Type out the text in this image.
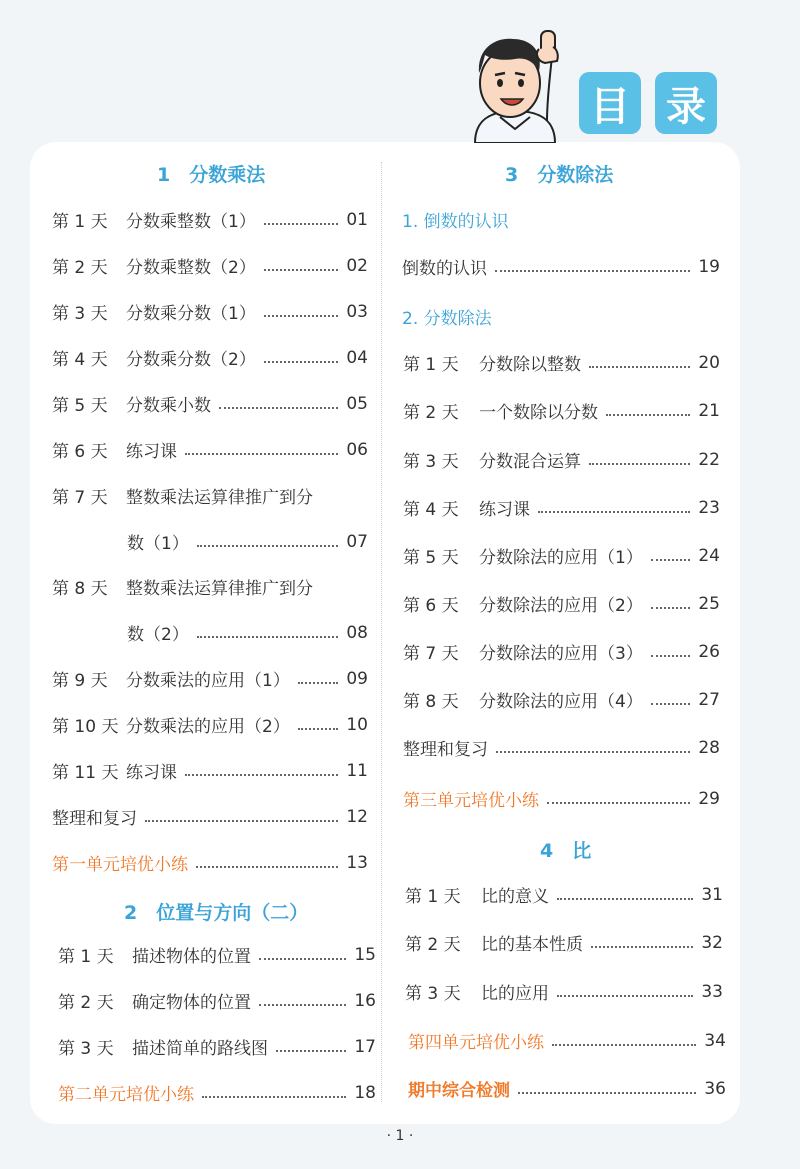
目 录
1　分数乘法
第 1 天	分数乘整数（1）	01
第 2 天	分数乘整数（2）	02
第 3 天	分数乘分数（1）	03
第 4 天	分数乘分数（2）	04
第 5 天	分数乘小数	05
第 6 天	练习课	06
第 7 天	整数乘法运算律推广到分
数（1）	07
第 8 天	整数乘法运算律推广到分
数（2）	08
第 9 天	分数乘法的应用（1）	09
第 10 天 分数乘法的应用（2）	10
第 11 天 练习课	11
整理和复习	12
第一单元培优小练	13
2　位置与方向（二）
第 1 天	描述物体的位置	15
第 2 天	确定物体的位置	16
第 3 天	描述简单的路线图	17
第二单元培优小练	18
3　分数除法
1. 倒数的认识
倒数的认识	19
2. 分数除法
第 1 天	分数除以整数	20
第 2 天	一个数除以分数	21
第 3 天	分数混合运算	22
第 4 天	练习课	23
第 5 天	分数除法的应用（1）	24
第 6 天	分数除法的应用（2）	25
第 7 天	分数除法的应用（3）	26
第 8 天	分数除法的应用（4）	27
整理和复习	28
第三单元培优小练	29
4　比
第 1 天	比的意义	31
第 2 天	比的基本性质	32
第 3 天	比的应用	33
第四单元培优小练	34
期中综合检测	36
· 1 ·
